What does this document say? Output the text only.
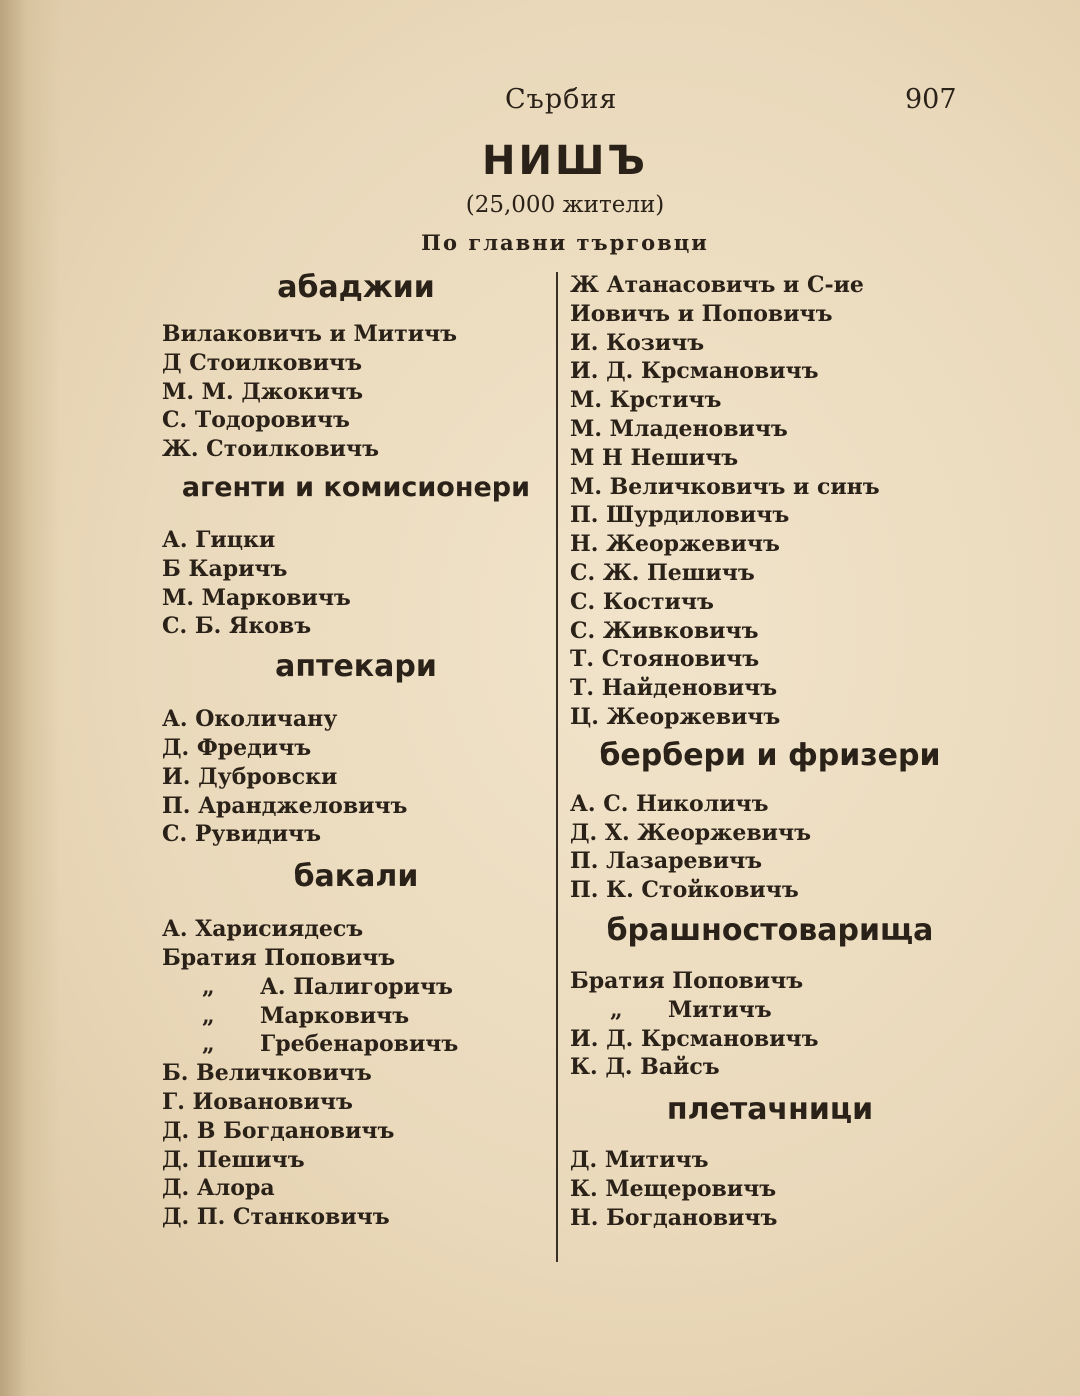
Сърбия	907
НИШЪ
(25,000 жители)
По главни търговци
абаджии
Вилаковичъ и Митичъ
Д Стоилковичъ
М. М. Джокичъ
С. Тодоровичъ
Ж. Стоилковичъ
агенти и комисионери
А. Гицки
Б Каричъ
М. Марковичъ
С. Б. Яковъ
аптекари
А. Околичану
Д. Фредичъ
И. Дубровски
П. Аранджеловичъ
С. Рувидичъ
бакали
А. Харисиядесъ
Братия Поповичъ
„ А. Палигоричъ
„ Марковичъ
„ Гребенаровичъ
Б. Величковичъ
Г. Иовановичъ
Д. В Богдановичъ
Д. Пешичъ
Д. Алора
Д. П. Станковичъ
Ж Атанасовичъ и С-ие
Иовичъ и Поповичъ
И. Козичъ
И. Д. Крсмановичъ
М. Крстичъ
М. Младеновичъ
М Н Нешичъ
М. Величковичъ и синъ
П. Шурдиловичъ
Н. Жеоржевичъ
С. Ж. Пешичъ
С. Костичъ
С. Живковичъ
Т. Стояновичъ
Т. Найденовичъ
Ц. Жеоржевичъ
бербери и фризери
А. С. Николичъ
Д. Х. Жеоржевичъ
П. Лазаревичъ
П. К. Стойковичъ
брашностоварища
Братия Поповичъ
„ Митичъ
И. Д. Крсмановичъ
К. Д. Вайсъ
плетачници
Д. Митичъ
К. Мещеровичъ
Н. Богдановичъ
